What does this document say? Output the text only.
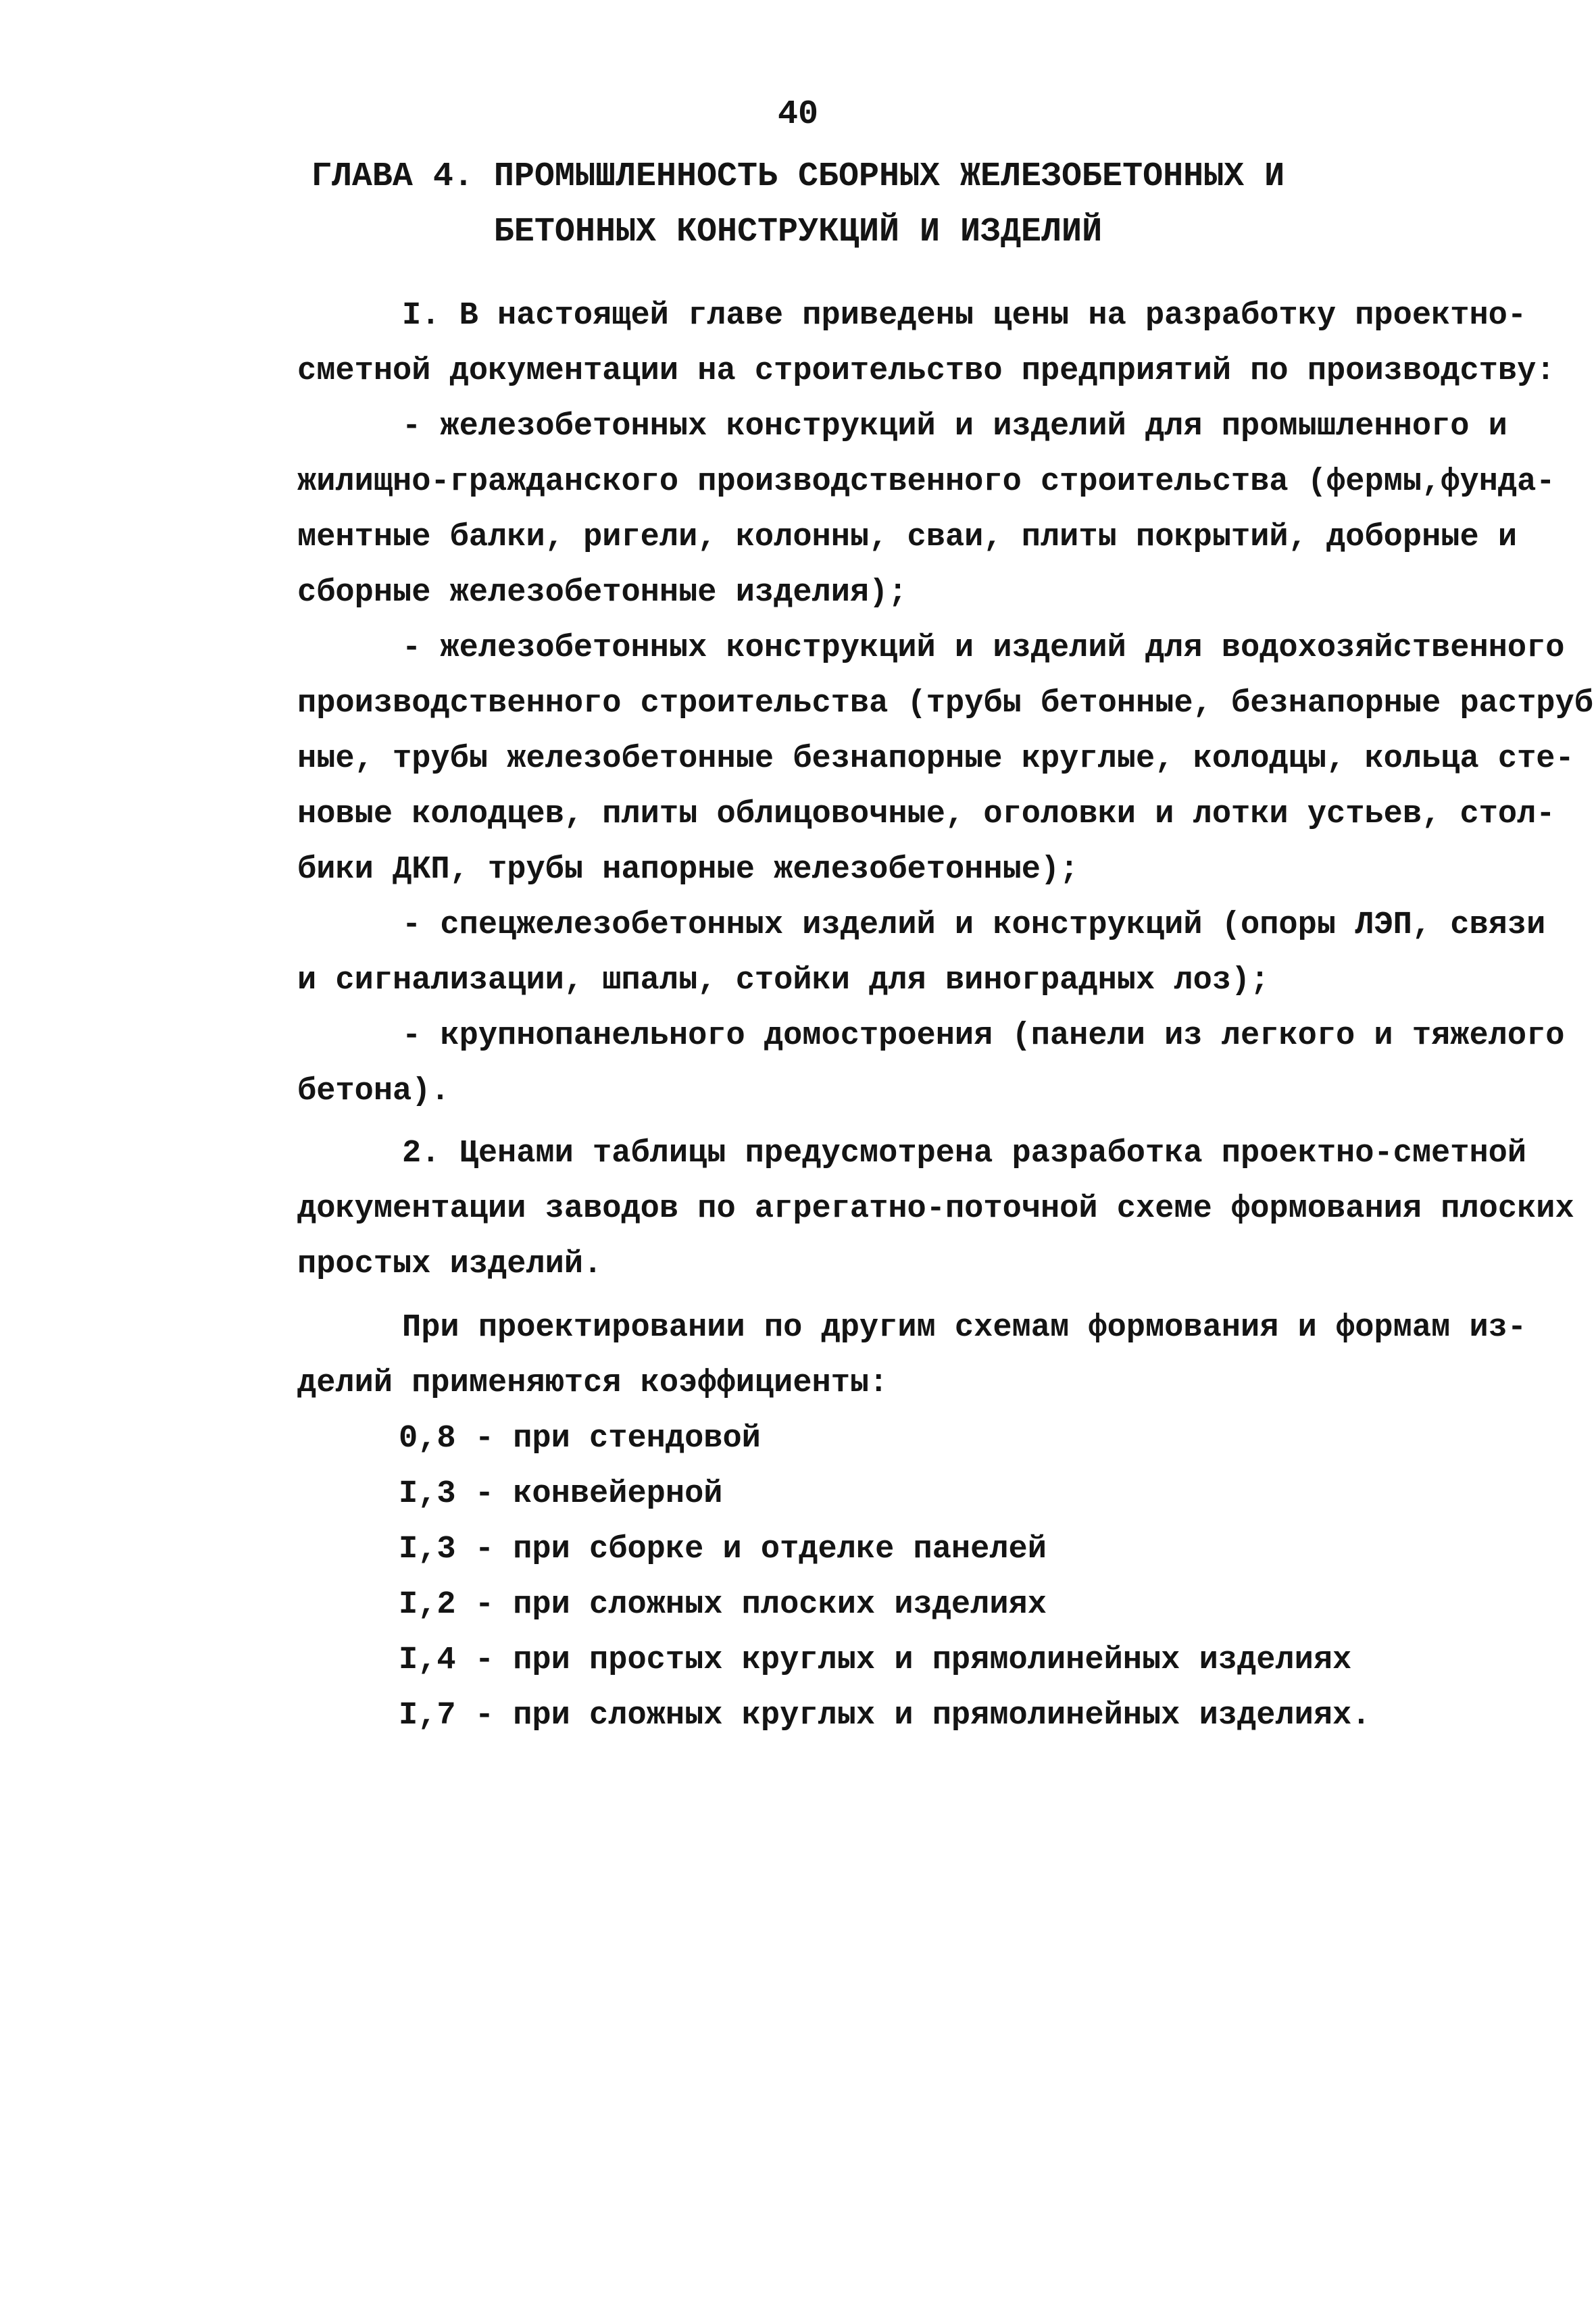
40
ГЛАВА 4. ПРОМЫШЛЕННОСТЬ СБОРНЫХ ЖЕЛЕЗОБЕТОННЫХ И
БЕТОННЫХ КОНСТРУКЦИЙ И ИЗДЕЛИЙ
I. В настоящей главе приведены цены на разработку проектно-
сметной документации на строительство предприятий по производству:
- железобетонных конструкций и изделий для промышленного и
жилищно-гражданского производственного строительства (фермы,фунда-
ментные балки, ригели, колонны, сваи, плиты покрытий, доборные и
сборные железобетонные изделия);
- железобетонных конструкций и изделий для водохозяйственного
производственного строительства (трубы бетонные, безнапорные раструб
ные, трубы железобетонные безнапорные круглые, колодцы, кольца сте-
новые колодцев, плиты облицовочные, оголовки и лотки устьев, стол-
бики ДКП, трубы напорные железобетонные);
- спецжелезобетонных изделий и конструкций (опоры ЛЭП, связи
и сигнализации, шпалы, стойки для виноградных лоз);
- крупнопанельного домостроения (панели из легкого и тяжелого
бетона).
2. Ценами таблицы предусмотрена разработка проектно-сметной
документации заводов по агрегатно-поточной схеме формования плоских
простых изделий.
При проектировании по другим схемам формования и формам из-
делий применяются коэффициенты:
0,8 - при стендовой
I,3 - конвейерной
I,3 - при сборке и отделке панелей
I,2 - при сложных плоских изделиях
I,4 - при простых круглых и прямолинейных изделиях
I,7 - при сложных круглых и прямолинейных изделиях.
